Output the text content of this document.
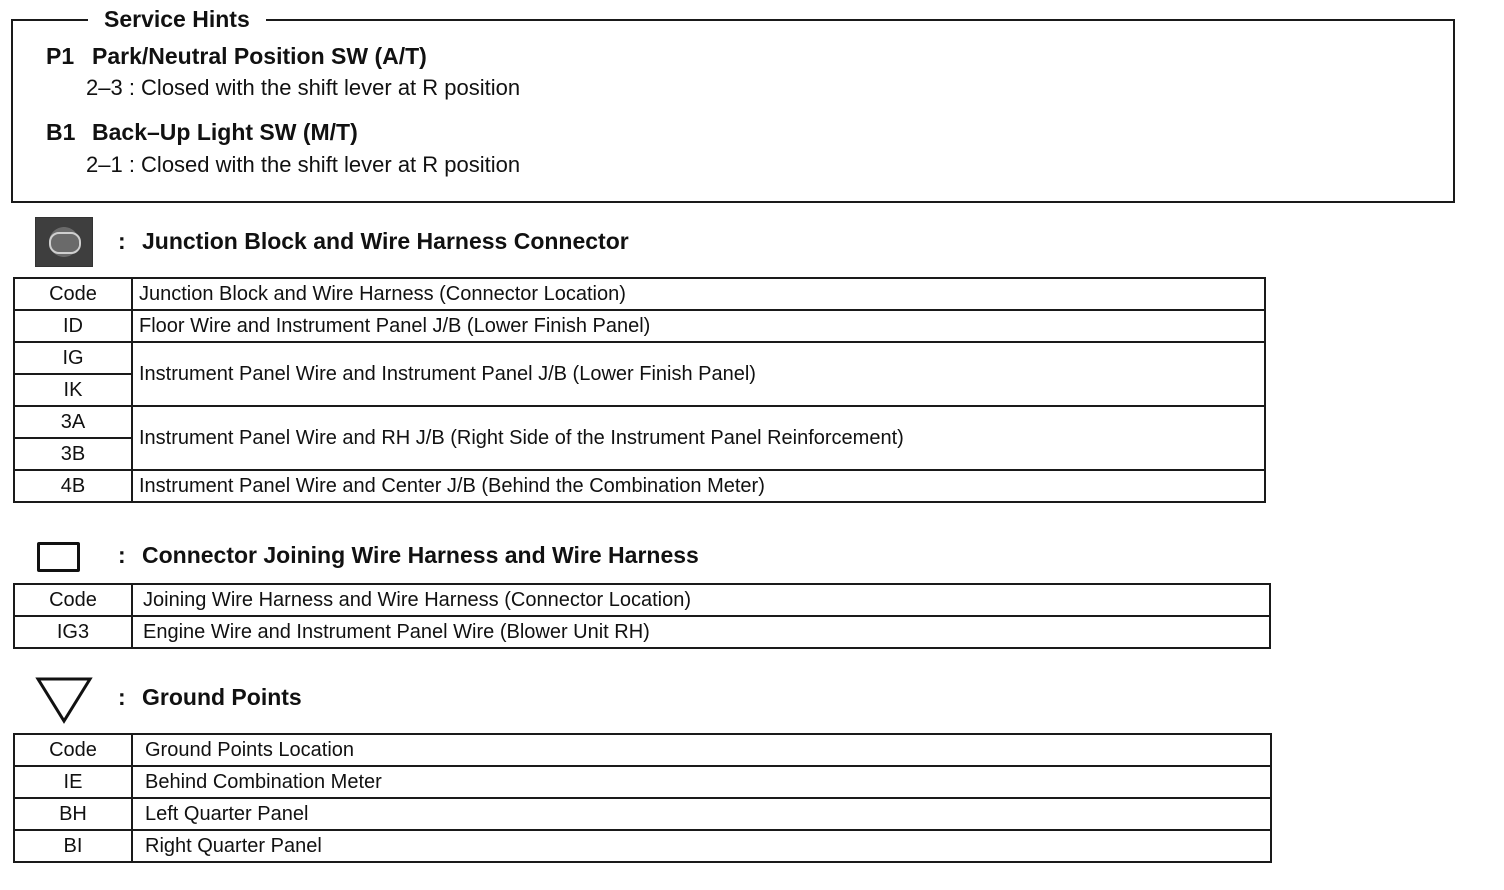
Service Hints
P1 Park/Neutral Position SW (A/T)
2–3 : Closed with the shift lever at R position
B1 Back–Up Light SW (M/T)
2–1 : Closed with the shift lever at R position
: Junction Block and Wire Harness Connector
Code	Junction Block and Wire Harness (Connector Location)
ID	Floor Wire and Instrument Panel J/B (Lower Finish Panel)
IG	Instrument Panel Wire and Instrument Panel J/B (Lower Finish Panel)
IK	
3A	Instrument Panel Wire and RH J/B (Right Side of the Instrument Panel Reinforcement)
3B	
4B	Instrument Panel Wire and Center J/B (Behind the Combination Meter)
: Connector Joining Wire Harness and Wire Harness
Code	Joining Wire Harness and Wire Harness (Connector Location)
IG3	Engine Wire and Instrument Panel Wire (Blower Unit RH)
: Ground Points
Code	Ground Points Location
IE	Behind Combination Meter
BH	Left Quarter Panel
BI	Right Quarter Panel
